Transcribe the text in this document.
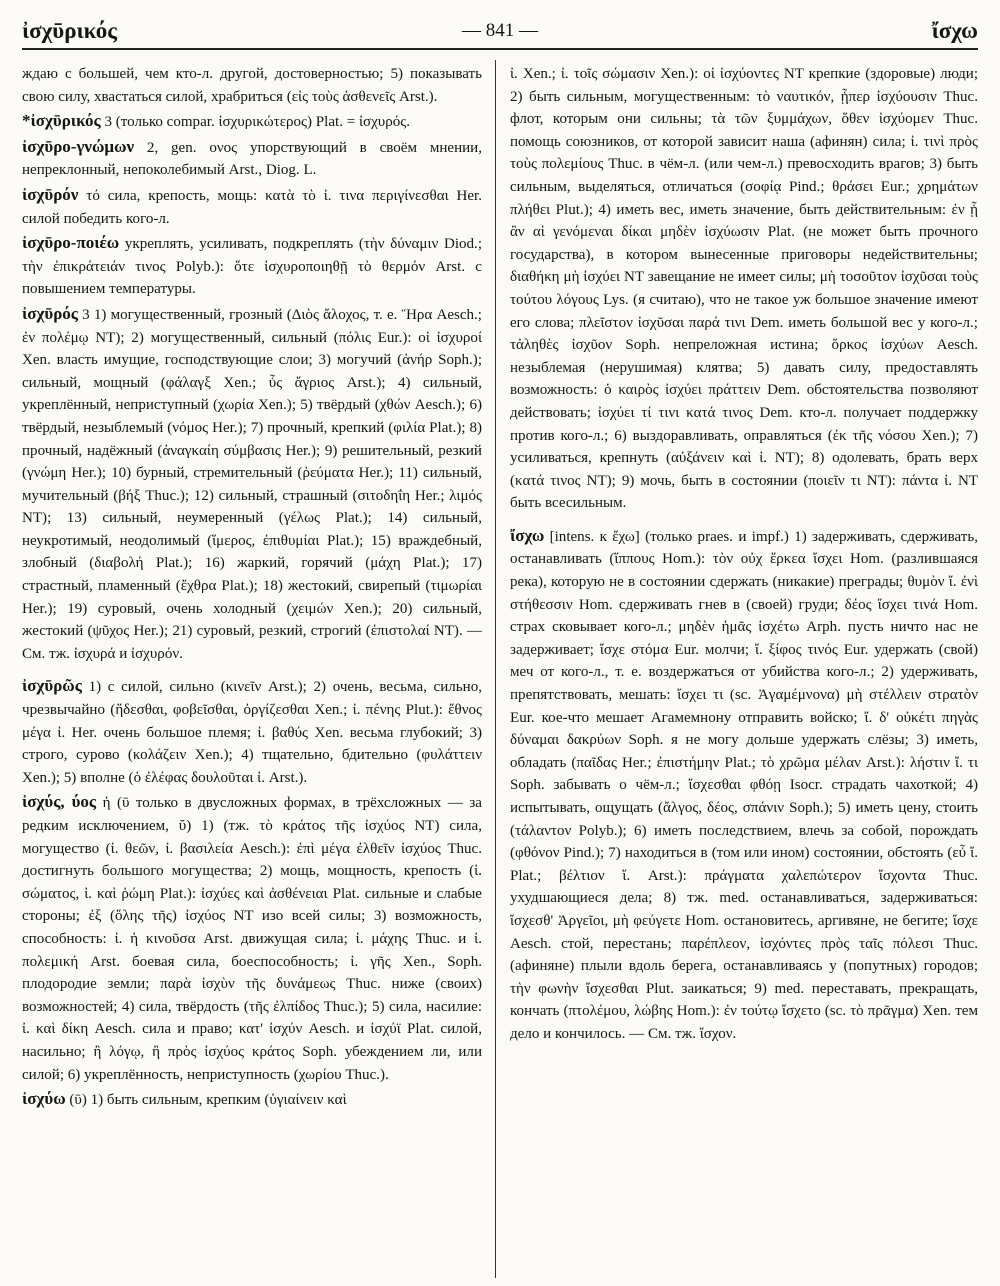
ἰσχῡρικός	— 841 —	ἴσχω

ждаю с большей, чем кто-л. другой, достоверностью; 5) показывать свою силу, хвастаться силой, храбриться (εἰς τοὺς ἀσθενεῖς Arst.).

*ἰσχῡρικός 3 (только compar. ἰσχυρικώτερος) Plat. = ἰσχυρός.

ἰσχῡρο-γνώμων 2, gen. ονος упорствующий в своём мнении, непреклонный, непоколебимый Arst., Diog. L.

ἰσχῡρόν τό сила, крепость, мощь: κατὰ τὸ ἰ. τινα περιγίνεσθαι Her. силой победить кого-л.

ἰσχῡρο-ποιέω укреплять, усиливать, подкреплять (τὴν δύναμιν Diod.; τὴν ἐπικράτειάν τινος Polyb.): ὅτε ἰσχυροποιηθῇ τὸ θερμόν Arst. с повышением температуры.

ἰσχῡρός 3 1) могущественный, грозный (Διὸς ἄλοχος, т. е. Ἥρα Aesch.; ἐν πολέμῳ NT); 2) могущественный, сильный (πόλις Eur.): οἱ ἰσχυροί Xen. власть имущие, господствующие слои; 3) могучий (ἀνήρ Soph.); сильный, мощный (φάλαγξ Xen.; ὗς ἄγριος Arst.); 4) сильный, укреплённый, неприступный (χωρία Xen.); 5) твёрдый (χθών Aesch.); 6) твёрдый, незыблемый (νόμος Her.); 7) прочный, крепкий (φιλία Plat.); 8) прочный, надёжный (ἀναγκαίη σύμβασις Her.); 9) решительный, резкий (γνώμη Her.); 10) бурный, стремительный (ῥεύματα Her.); 11) сильный, мучительный (βήξ Thuc.); 12) сильный, страшный (σιτοδηΐη Her.; λιμός NT); 13) сильный, неумеренный (γέλως Plat.); 14) сильный, неукротимый, неодолимый (ἵμερος, ἐπιθυμίαι Plat.); 15) враждебный, злобный (διαβολή Plat.); 16) жаркий, горячий (μάχη Plat.); 17) страстный, пламенный (ἔχθρα Plat.); 18) жестокий, свирепый (τιμωρίαι Her.); 19) суровый, очень холодный (χειμών Xen.); 20) сильный, жестокий (ψῦχος Her.); 21) суровый, резкий, строгий (ἐπιστολαί NT). — См. тж. ἰσχυρά и ἰσχυρόν.

ἰσχῡρῶς 1) с силой, сильно (κινεῖν Arst.); 2) очень, весьма, сильно, чрезвычайно (ἥδεσθαι, φοβεῖσθαι, ὀργίζεσθαι Xen.; ἰ. πένης Plut.): ἔθνος μέγα ἰ. Her. очень большое племя; ἰ. βαθύς Xen. весьма глубокий; 3) строго, сурово (κολάζειν Xen.); 4) тщательно, бдительно (φυλάττειν Xen.); 5) вполне (ὁ ἐλέφας δουλοῦται ἰ. Arst.).

ἰσχύς, ύος ἡ (ῡ только в двусложных формах, в трёхсложных — за редким исключением, ῠ) 1) (тж. τὸ κράτος τῆς ἰσχύος NT) сила, могущество (ἰ. θεῶν, ἰ. βασιλεία Aesch.): ἐπὶ μέγα ἐλθεῖν ἰσχύος Thuc. достигнуть большого могущества; 2) мощь, мощность, крепость (ἰ. σώματος, ἰ. καὶ ῥώμη Plat.): ἰσχύες καὶ ἀσθένειαι Plat. сильные и слабые стороны; ἐξ (ὅλης τῆς) ἰσχύος NT изо всей силы; 3) возможность, способность: ἰ. ἡ κινοῦσα Arst. движущая сила; ἰ. μάχης Thuc. и ἰ. πολεμική Arst. боевая сила, боеспособность; ἰ. γῆς Xen., Soph. плодородие земли; παρὰ ἰσχὺν τῆς δυνάμεως Thuc. ниже (своих) возможностей; 4) сила, твёрдость (τῆς ἐλπίδος Thuc.); 5) сила, насилие: ἰ. καὶ δίκη Aesch. сила и право; κατ' ἰσχύν Aesch. и ἰσχύϊ Plat. силой, насильно; ἢ λόγῳ, ἢ πρὸς ἰσχύος κράτος Soph. убеждением ли, или силой; 6) укреплённость, неприступность (χωρίου Thuc.).

ἰσχύω (ῡ) 1) быть сильным, крепким (ὑγιαίνειν καὶ

ἰ. Xen.; ἰ. τοῖς σώμασιν Xen.): οἱ ἰσχύοντες NT крепкие (здоровые) люди; 2) быть сильным, могущественным: τὸ ναυτικόν, ᾗπερ ἰσχύουσιν Thuc. флот, которым они сильны; τὰ τῶν ξυμμάχων, ὅθεν ἰσχύομεν Thuc. помощь союзников, от которой зависит наша (афинян) сила; ἰ. τινὶ πρὸς τοὺς πολεμίους Thuc. в чём-л. (или чем-л.) превосходить врагов; 3) быть сильным, выделяться, отличаться (σοφίᾳ Pind.; θράσει Eur.; χρημάτων πλήθει Plut.); 4) иметь вес, иметь значение, быть действительным: ἐν ᾗ ἂν αἱ γενόμεναι δίκαι μηδὲν ἰσχύωσιν Plat. (не может быть прочного государства), в котором вынесенные приговоры недействительны; διαθήκη μὴ ἰσχύει NT завещание не имеет силы; μὴ τοσοῦτον ἰσχῦσαι τοὺς τούτου λόγους Lys. (я считаю), что не такое уж большое значение имеют его слова; πλεῖστον ἰσχῦσαι παρά τινι Dem. иметь большой вес у кого-л.; τἀληθὲς ἰσχῦον Soph. непреложная истина; ὅρκος ἰσχύων Aesch. незыблемая (нерушимая) клятва; 5) давать силу, предоставлять возможность: ὁ καιρὸς ἰσχύει πράττειν Dem. обстоятельства позволяют действовать; ἰσχύει τί τινι κατά τινος Dem. кто-л. получает поддержку против кого-л.; 6) выздоравливать, оправляться (ἐκ τῆς νόσου Xen.); 7) усиливаться, крепнуть (αὐξάνειν καὶ ἰ. NT); 8) одолевать, брать верх (κατά τινος NT); 9) мочь, быть в состоянии (ποιεῖν τι NT): πάντα ἰ. NT быть всесильным.

ἴσχω [intens. к ἔχω] (только praes. и impf.) 1) задерживать, сдерживать, останавливать (ἵππους Hom.): τὸν οὐχ ἕρκεα ἴσχει Hom. (разлившаяся река), которую не в состоянии сдержать (никакие) преграды; θυμὸν ἴ. ἐνὶ στήθεσσιν Hom. сдерживать гнев в (своей) груди; δέος ἴσχει τινά Hom. страх сковывает кого-л.; μηδὲν ἡμᾶς ἰσχέτω Arph. пусть ничто нас не задерживает; ἴσχε στόμα Eur. молчи; ἴ. ξίφος τινός Eur. удержать (свой) меч от кого-л., т. е. воздержаться от убийства кого-л.; 2) удерживать, препятствовать, мешать: ἴσχει τι (sc. Ἀγαμέμνονα) μὴ στέλλειν στρατὸν Eur. кое-что мешает Агамемнону отправить войско; ἴ. δ' οὐκέτι πηγὰς δύναμαι δακρύων Soph. я не могу дольше удержать слёзы; 3) иметь, обладать (παῖδας Her.; ἐπιστήμην Plat.; τὸ χρῶμα μέλαν Arst.): λήστιν ἴ. τι Soph. забывать о чём-л.; ἴσχεσθαι φθόῃ Isocr. страдать чахоткой; 4) испытывать, ощущать (ἄλγος, δέος, σπάνιν Soph.); 5) иметь цену, стоить (τάλαντον Polyb.); 6) иметь последствием, влечь за собой, порождать (φθόνον Pind.); 7) находиться в (том или ином) состоянии, обстоять (εὖ ἴ. Plat.; βέλτιον ἴ. Arst.): πράγματα χαλεπώτερον ἴσχοντα Thuc. ухудшающиеся дела; 8) тж. med. останавливаться, задерживаться: ἴσχεσθ' Ἀργεῖοι, μὴ φεύγετε Hom. остановитесь, аргивяне, не бегите; ἴσχε Aesch. стой, перестань; παρέπλεον, ἰσχόντες πρὸς ταῖς πόλεσι Thuc. (афиняне) плыли вдоль берега, останавливаясь у (попутных) городов; τὴν φωνὴν ἴσχεσθαι Plut. заикаться; 9) med. переставать, прекращать, кончать (πτολέμου, λώβης Hom.): ἐν τούτῳ ἴσχετο (sc. τὸ πρᾶγμα) Xen. тем дело и кончилось. — См. тж. ἴσχον.
